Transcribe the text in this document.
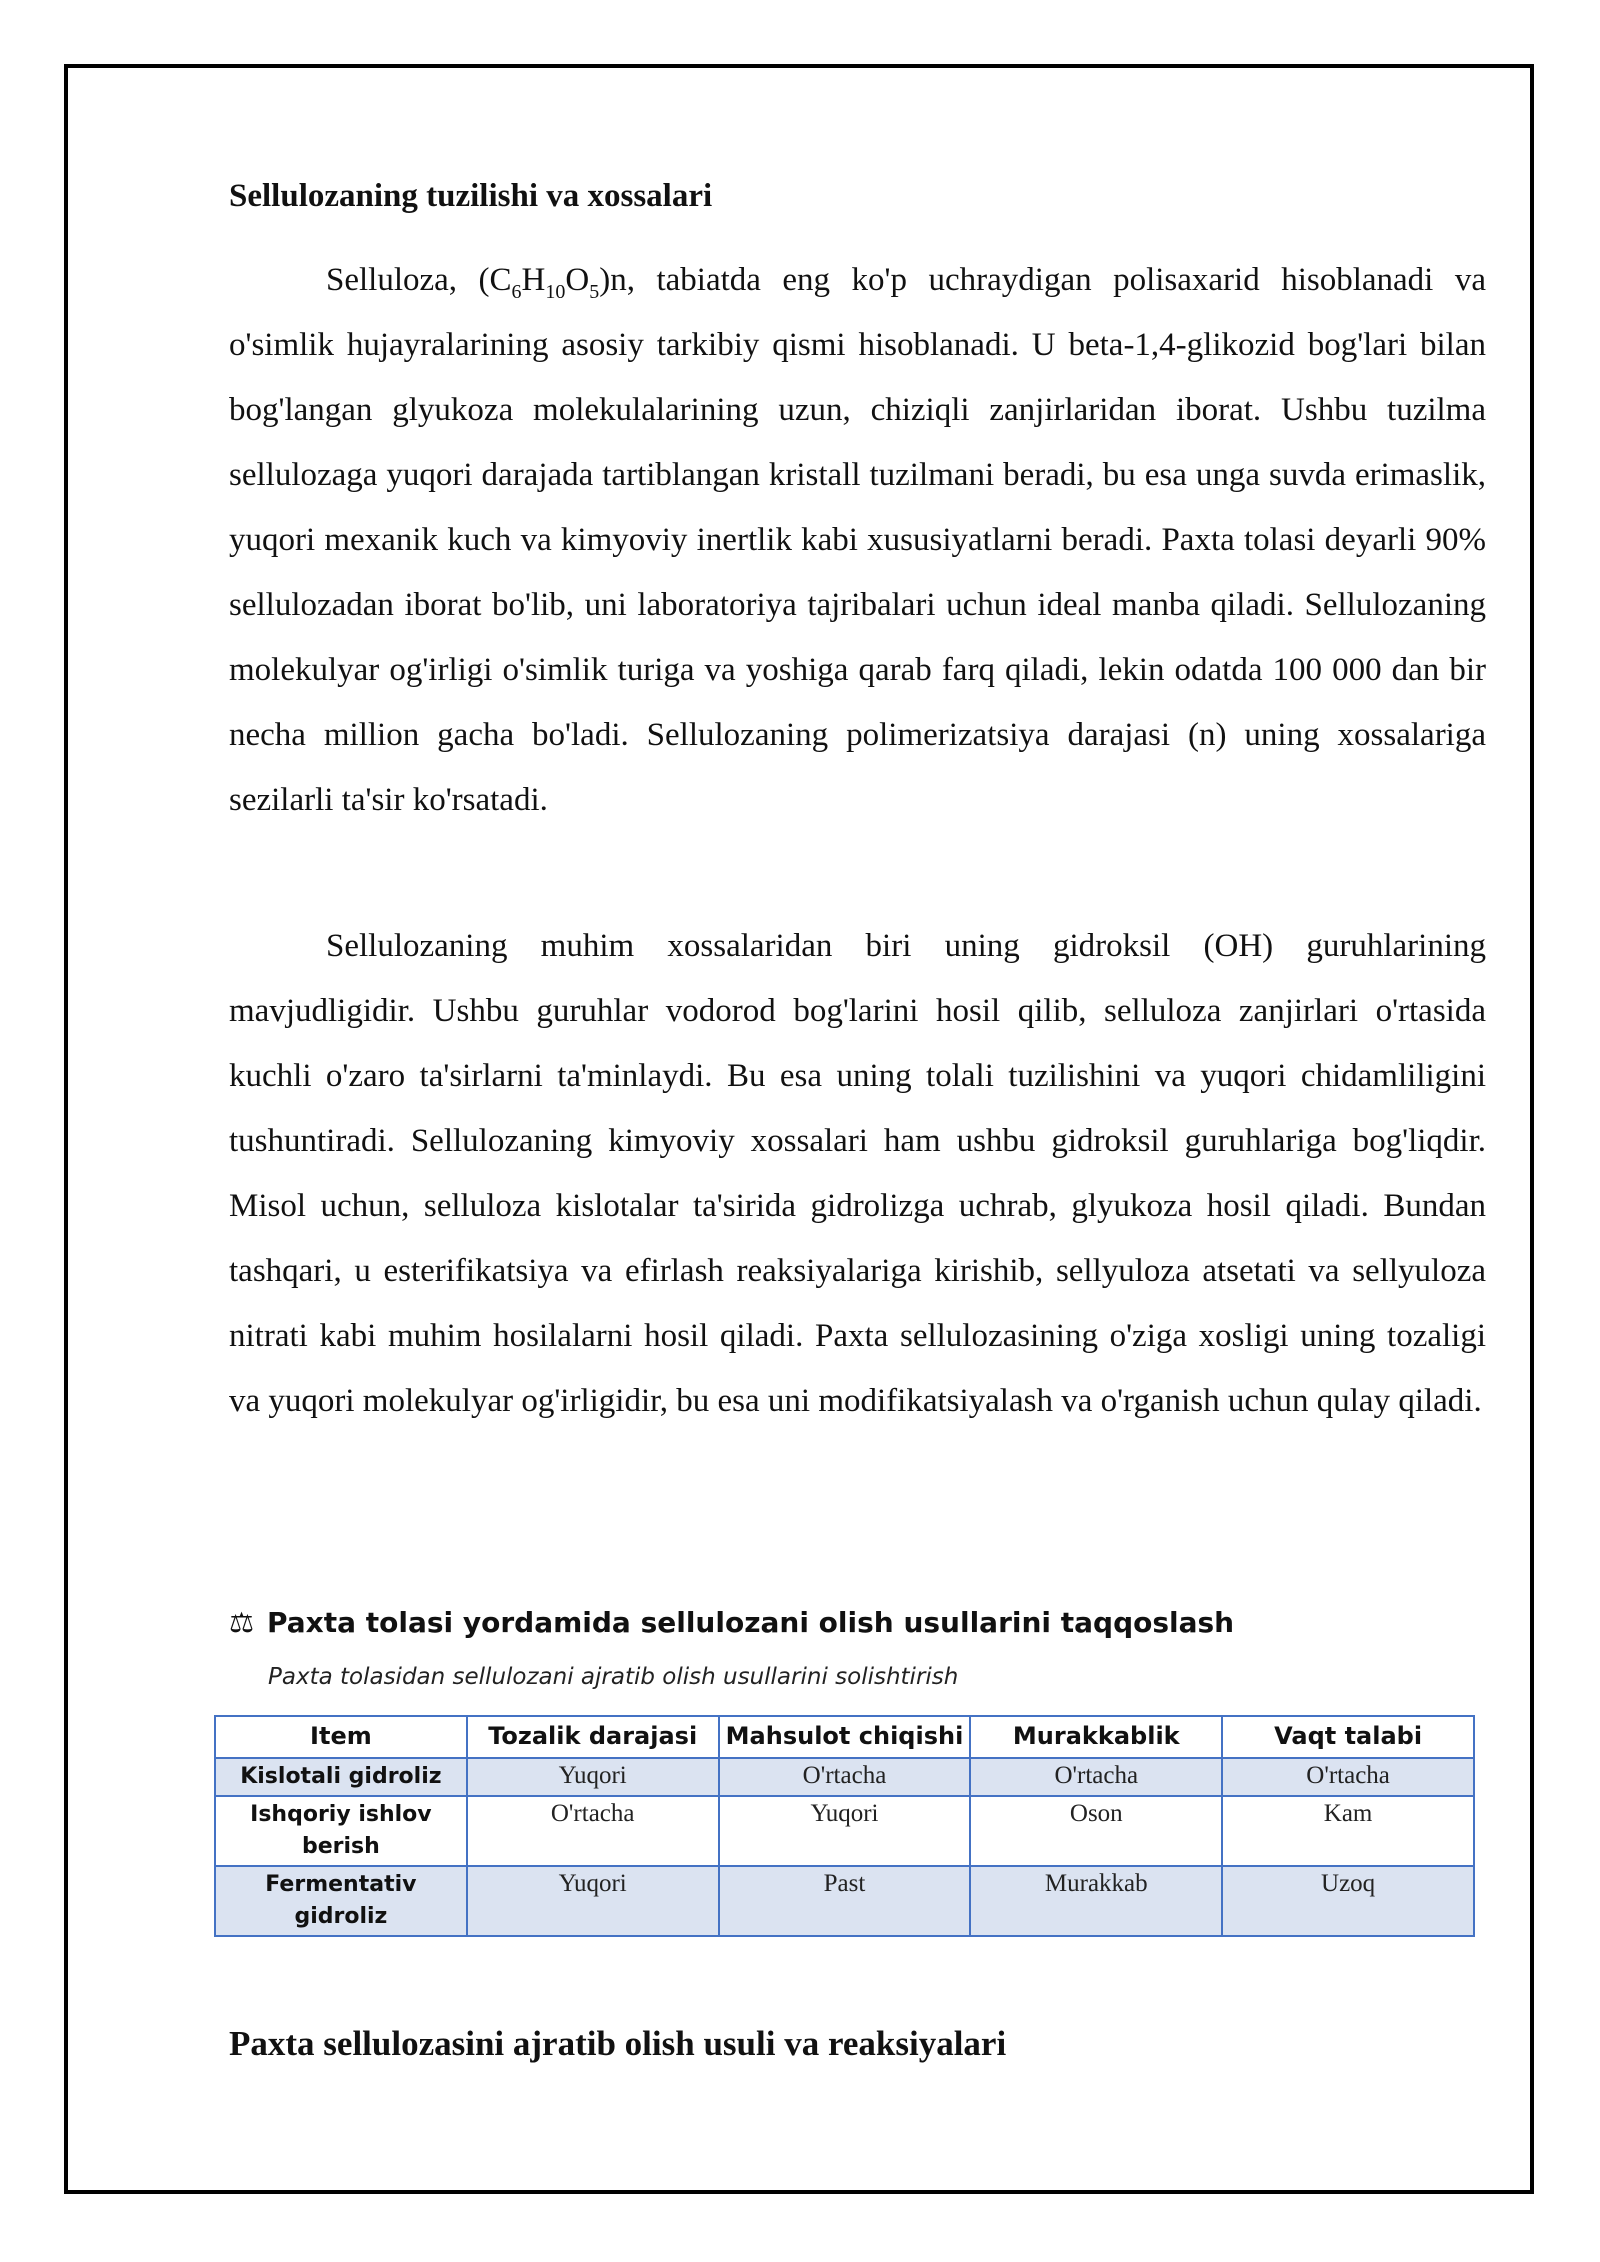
Sellulozaning tuzilishi va xossalari

Selluloza, $(C_6H_{10}O_5)n$, tabiatda eng ko'p uchraydigan polisaxarid hisoblanadi va o'simlik hujayralarining asosiy tarkibiy qismi hisoblanadi. U beta-1,4-glikozid bog'lari bilan bog'langan glyukoza molekulalarining uzun, chiziqli zanjirlaridan iborat. Ushbu tuzilma sellulozaga yuqori darajada tartiblangan kristall tuzilmani beradi, bu esa unga suvda erimaslik, yuqori mexanik kuch va kimyoviy inertlik kabi xususiyatlarni beradi. Paxta tolasi deyarli 90% sellulozadan iborat bo'lib, uni laboratoriya tajribalari uchun ideal manba qiladi. Sellulozaning molekulyar og'irligi o'simlik turiga va yoshiga qarab farq qiladi, lekin odatda 100 000 dan bir necha million gacha bo'ladi. Sellulozaning polimerizatsiya darajasi (n) uning xossalariga sezilarli ta'sir ko'rsatadi.

Sellulozaning muhim xossalaridan biri uning gidroksil (OH) guruhlarining mavjudligidir. Ushbu guruhlar vodorod bog'larini hosil qilib, selluloza zanjirlari o'rtasida kuchli o'zaro ta'sirlarni ta'minlaydi. Bu esa uning tolali tuzilishini va yuqori chidamliligini tushuntiradi. Sellulozaning kimyoviy xossalari ham ushbu gidroksil guruhlariga bog'liqdir. Misol uchun, selluloza kislotalar ta'sirida gidrolizga uchrab, glyukoza hosil qiladi. Bundan tashqari, u esterifikatsiya va efirlash reaksiyalariga kirishib, sellyuloza atsetati va sellyuloza nitrati kabi muhim hosilalarni hosil qiladi. Paxta sellulozasining o'ziga xosligi uning tozaligi va yuqori molekulyar og'irligidir, bu esa uni modifikatsiyalash va o'rganish uchun qulay qiladi.

⚖ Paxta tolasi yordamida sellulozani olish usullarini taqqoslash

Paxta tolasidan sellulozani ajratib olish usullarini solishtirish

Item	Tozalik darajasi	Mahsulot chiqishi	Murakkablik	Vaqt talabi
Kislotali gidroliz	Yuqori	O'rtacha	O'rtacha	O'rtacha
Ishqoriy ishlov berish	O'rtacha	Yuqori	Oson	Kam
Fermentativ gidroliz	Yuqori	Past	Murakkab	Uzoq
Paxta sellulozasini ajratib olish usuli va reaksiyalari
